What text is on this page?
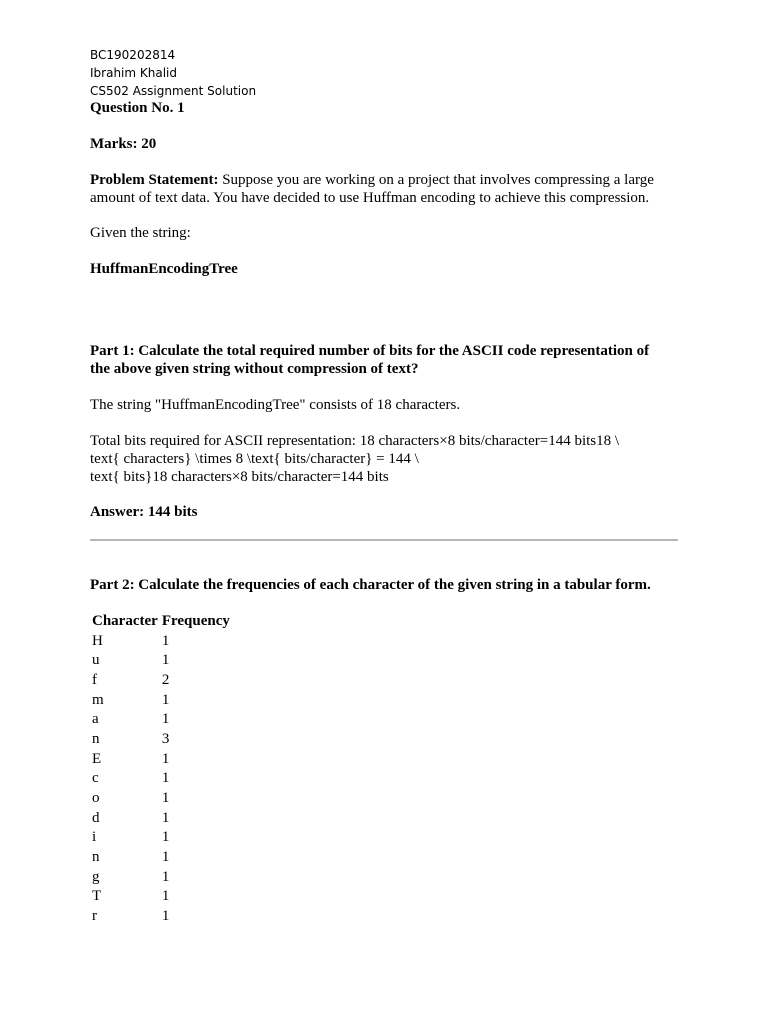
BC190202814
Ibrahim Khalid
CS502 Assignment Solution
Question No. 1
Marks: 20
Problem Statement: Suppose you are working on a project that involves compressing a large
amount of text data. You have decided to use Huffman encoding to achieve this compression.
Given the string:
HuffmanEncodingTree
Part 1: Calculate the total required number of bits for the ASCII code representation of
the above given string without compression of text?
The string "HuffmanEncodingTree" consists of 18 characters.
Total bits required for ASCII representation: 18 characters×8 bits/character=144 bits18 \
text{ characters} \times 8 \text{ bits/character} = 144 \
text{ bits}18 characters×8 bits/character=144 bits
Answer: 144 bits
Part 2: Calculate the frequencies of each character of the given string in a tabular form.
Character	Frequency
H	1
u	1
f	2
m	1
a	1
n	3
E	1
c	1
o	1
d	1
i	1
n	1
g	1
T	1
r	1
